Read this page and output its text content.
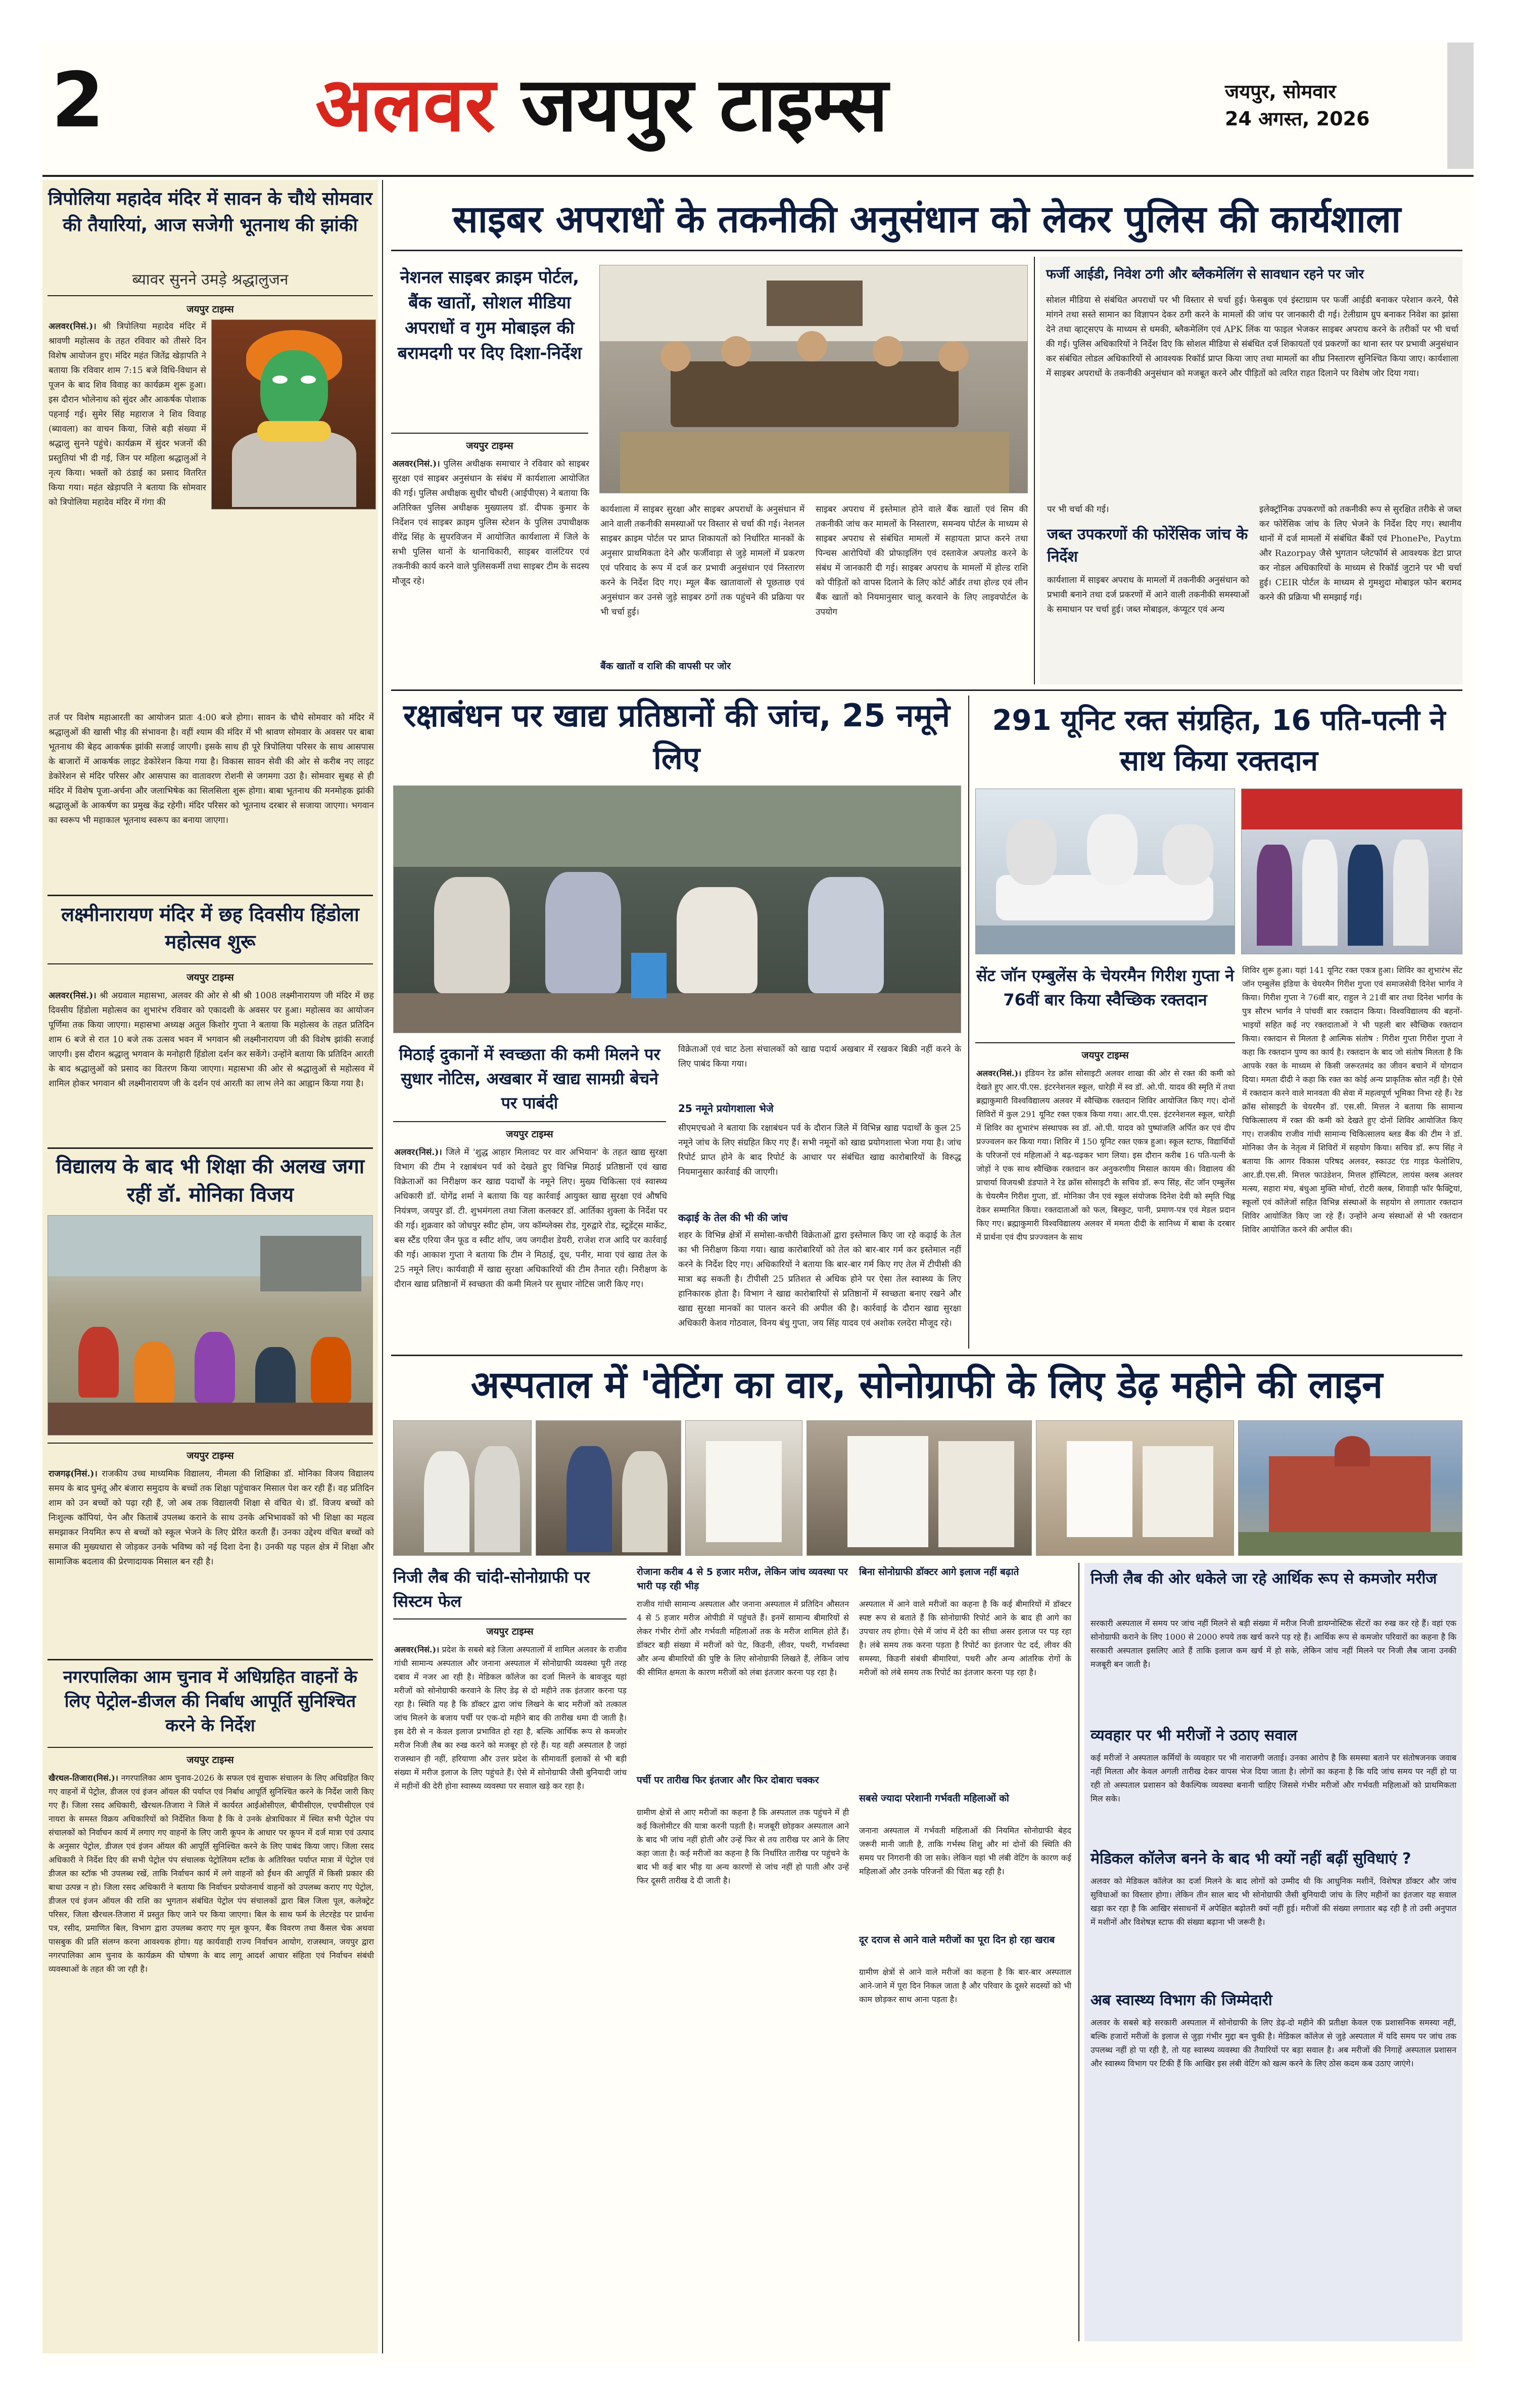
2	अलवर जयपुर टाइम्स	जयपुर, सोमवार
24 अगस्त, 2026
त्रिपोलिया महादेव मंदिर में सावन के चौथे सोमवार की तैयारियां, आज सजेगी भूतनाथ की झांकी
ब्यावर सुनने उमड़े श्रद्धालुजन
जयपुर टाइम्स
अलवर(निसं.)। श्री त्रिपोलिया महादेव मंदिर में श्रावणी महोत्सव के तहत रविवार को तीसरे दिन विशेष आयोजन हुए। मंदिर महंत जितेंद्र खेड़ापति ने बताया कि रविवार शाम 7:15 बजे विधि-विधान से पूजन के बाद शिव विवाह का कार्यक्रम शुरू हुआ। इस दौरान भोलेनाथ को सुंदर और आकर्षक पोशाक पहनाई गई। सुमेर सिंह महाराज ने शिव विवाह (ब्यावला) का वाचन किया, जिसे बड़ी संख्या में श्रद्धालु सुनने पहुंचे। कार्यक्रम में सुंदर भजनों की प्रस्तुतियां भी दी गई, जिन पर महिला श्रद्धालुओं ने नृत्य किया। भक्तों को ठंडाई का प्रसाद वितरित किया गया। महंत खेड़ापति ने बताया कि सोमवार को त्रिपोलिया महादेव मंदिर में गंगा की
तर्ज पर विशेष महाआरती का आयोजन प्रातः 4:00 बजे होगा। सावन के चौथे सोमवार को मंदिर में श्रद्धालुओं की खासी भीड़ की संभावना है। वहीं श्याम की मंदिर में भी श्रावण सोमवार के अवसर पर बाबा भूतनाथ की बेहद आकर्षक झांकी सजाई जाएगी। इसके साथ ही पूरे त्रिपोलिया परिसर के साथ आसपास के बाजारों में आकर्षक लाइट डेकोरेशन किया गया है। विकास सावन सेवी की ओर से करीब नए लाइट डेकोरेशन से मंदिर परिसर और आसपास का वातावरण रोशनी से जगमगा उठा है। सोमवार सुबह से ही मंदिर में विशेष पूजा-अर्चना और जलाभिषेक का सिलसिला शुरू होगा। बाबा भूतनाथ की मनमोहक झांकी श्रद्धालुओं के आकर्षण का प्रमुख केंद्र रहेगी। मंदिर परिसर को भूतनाथ दरबार से सजाया जाएगा। भगवान का स्वरूप भी महाकाल भूतनाथ स्वरूप का बनाया जाएगा।
लक्ष्मीनारायण मंदिर में छह दिवसीय हिंडोला महोत्सव शुरू
जयपुर टाइम्स
अलवर(निसं.)। श्री अग्रवाल महासभा, अलवर की ओर से श्री श्री 1008 लक्ष्मीनारायण जी मंदिर में छह दिवसीय हिंडोला महोत्सव का शुभारंभ रविवार को एकादशी के अवसर पर हुआ। महोत्सव का आयोजन पूर्णिमा तक किया जाएगा। महासभा अध्यक्ष अतुल किशोर गुप्ता ने बताया कि महोत्सव के तहत प्रतिदिन शाम 6 बजे से रात 10 बजे तक उत्सव भवन में भगवान श्री लक्ष्मीनारायण जी की विशेष झांकी सजाई जाएगी। इस दौरान श्रद्धालु भगवान के मनोहारी हिंडोला दर्शन कर सकेंगे। उन्होंने बताया कि प्रतिदिन आरती के बाद श्रद्धालुओं को प्रसाद का वितरण किया जाएगा। महासभा की ओर से श्रद्धालुओं से महोत्सव में शामिल होकर भगवान श्री लक्ष्मीनारायण जी के दर्शन एवं आरती का लाभ लेने का आह्वान किया गया है।
विद्यालय के बाद भी शिक्षा की अलख जगा रहीं डॉ. मोनिका विजय
जयपुर टाइम्स
राजगढ़(निसं.)। राजकीय उच्च माध्यमिक विद्यालय, नीमला की शिक्षिका डॉ. मोनिका विजय विद्यालय समय के बाद घुमंतू और बंजारा समुदाय के बच्चों तक शिक्षा पहुंचाकर मिसाल पेश कर रही हैं। वह प्रतिदिन शाम को उन बच्चों को पढ़ा रही हैं, जो अब तक विद्यालयी शिक्षा से वंचित थे। डॉ. विजय बच्चों को निःशुल्क कॉपियां, पेन और किताबें उपलब्ध कराने के साथ उनके अभिभावकों को भी शिक्षा का महत्व समझाकर नियमित रूप से बच्चों को स्कूल भेजने के लिए प्रेरित करती हैं। उनका उद्देश्य वंचित बच्चों को समाज की मुख्यधारा से जोड़कर उनके भविष्य को नई दिशा देना है। उनकी यह पहल क्षेत्र में शिक्षा और सामाजिक बदलाव की प्रेरणादायक मिसाल बन रही है।
नगरपालिका आम चुनाव में अधिग्रहित वाहनों के लिए पेट्रोल-डीजल की निर्बाध आपूर्ति सुनिश्चित करने के निर्देश
जयपुर टाइम्स
खैरथल-तिजारा(निसं.)। नगरपालिका आम चुनाव-2026 के सफल एवं सुचारू संचालन के लिए अधिग्रहित किए गए वाहनों में पेट्रोल, डीजल एवं इंजन ऑयल की पर्याप्त एवं निर्बाध आपूर्ति सुनिश्चित करने के निर्देश जारी किए गए हैं। जिला रसद अधिकारी, खैरथल-तिजारा ने जिले में कार्यरत आईओसीएल, बीपीसीएल, एचपीसीएल एवं नायरा के समस्त विक्रय अधिकारियों को निर्देशित किया है कि वे उनके क्षेत्राधिकार में स्थित सभी पेट्रोल पंप संचालकों को निर्वाचन कार्य में लगाए गए वाहनों के लिए जारी कूपन के आधार पर कूपन में दर्ज मात्रा एवं उत्पाद के अनुसार पेट्रोल, डीजल एवं इंजन ऑयल की आपूर्ति सुनिश्चित करने के लिए पाबंद किया जाए। जिला रसद अधिकारी ने निर्देश दिए की सभी पेट्रोल पंप संचालक पेट्रोलियम स्टॉक के अतिरिक्त पर्याप्त मात्रा में पेट्रोल एवं डीजल का स्टॉक भी उपलब्ध रखें, ताकि निर्वाचन कार्य में लगे वाहनों को ईंधन की आपूर्ति में किसी प्रकार की बाधा उत्पन्न न हो। जिला रसद अधिकारी ने बताया कि निर्वाचन प्रयोजनार्थ वाहनों को उपलब्ध कराए गए पेट्रोल, डीजल एवं इंजन ऑयल की राशि का भुगतान संबंधित पेट्रोल पंप संचालकों द्वारा बिल जिला पूल, कलेक्ट्रेट परिसर, जिला खैरथल-तिजारा में प्रस्तुत किए जाने पर किया जाएगा। बिल के साथ फर्म के लेटरहेड पर प्रार्थना पत्र, रसीद, प्रमाणित बिल, विभाग द्वारा उपलब्ध कराए गए मूल कूपन, बैंक विवरण तथा कैंसल चेक अथवा पासबुक की प्रति संलग्न करना आवश्यक होगा। यह कार्यवाही राज्य निर्वाचन आयोग, राजस्थान, जयपुर द्वारा नगरपालिका आम चुनाव के कार्यक्रम की घोषणा के बाद लागू आदर्श आचार संहिता एवं निर्वाचन संबंधी व्यवस्थाओं के तहत की जा रही है।
साइबर अपराधों के तकनीकी अनुसंधान को लेकर पुलिस की कार्यशाला
नेशनल साइबर क्राइम पोर्टल, बैंक खातों, सोशल मीडिया अपराधों व गुम मोबाइल की बरामदगी पर दिए दिशा-निर्देश
जयपुर टाइम्स
अलवर(निसं.)। पुलिस अधीक्षक समाचार ने रविवार को साइबर सुरक्षा एवं साइबर अनुसंधान के संबंध में कार्यशाला आयोजित की गई। पुलिस अधीक्षक सुधीर चौधरी (आईपीएस) ने बताया कि अतिरिक्त पुलिस अधीक्षक मुख्यालय डॉ. दीपक कुमार के निर्देशन एवं साइबर क्राइम पुलिस स्टेशन के पुलिस उपाधीक्षक वीरेंद्र सिंह के सुपरविजन में आयोजित कार्यशाला में जिले के सभी पुलिस थानों के थानाधिकारी, साइबर वालंटियर एवं तकनीकी कार्य करने वाले पुलिसकर्मी तथा साइबर टीम के सदस्य मौजूद रहे।
कार्यशाला में साइबर सुरक्षा और साइबर अपराधों के अनुसंधान में आने वाली तकनीकी समस्याओं पर विस्तार से चर्चा की गई। नेशनल साइबर क्राइम पोर्टल पर प्राप्त शिकायतों को निर्धारित मानकों के अनुसार प्राथमिकता देने और फर्जीवाड़ा से जुड़े मामलों में प्रकरण एवं परिवाद के रूप में दर्ज कर प्रभावी अनुसंधान एवं निस्तारण करने के निर्देश दिए गए। म्यूल बैंक खातावालों से पूछताछ एवं अनुसंधान कर उनसे जुड़े साइबर ठगों तक पहुंचने की प्रक्रिया पर भी चर्चा हुई।
बैंक खातों व राशि की वापसी पर जोर
साइबर अपराध में इस्तेमाल होने वाले बैंक खातों एवं सिम की तकनीकी जांच कर मामलों के निस्तारण, समन्वय पोर्टल के माध्यम से साइबर अपराध से संबंधित मामलों में सहायता प्राप्त करने तथा पिन्चस आरोपियों की प्रोफाइलिंग एवं दस्तावेज अपलोड करने के संबंध में जानकारी दी गई। साइबर अपराध के मामलों में होल्ड राशि को पीड़ितों को वापस दिलाने के लिए कोर्ट ऑर्डर तथा होल्ड एवं लीन बैंक खातों को नियमानुसार चालू करवाने के लिए लाइवपोर्टल के उपयोग
फर्जी आईडी, निवेश ठगी और ब्लैकमेलिंग से सावधान रहने पर जोर
सोशल मीडिया से संबंधित अपराधों पर भी विस्तार से चर्चा हुई। फेसबुक एवं इंस्टाग्राम पर फर्जी आईडी बनाकर परेशान करने, पैसे मांगने तथा सस्ते सामान का विज्ञापन देकर ठगी करने के मामलों की जांच पर जानकारी दी गई। टेलीग्राम ग्रुप बनाकर निवेश का झांसा देने तथा व्हाट्सएप के माध्यम से धमकी, ब्लैकमेलिंग एवं APK लिंक या फाइल भेजकर साइबर अपराध करने के तरीकों पर भी चर्चा की गई। पुलिस अधिकारियों ने निर्देश दिए कि सोशल मीडिया से संबंधित दर्ज शिकायतों एवं प्रकरणों का थाना स्तर पर प्रभावी अनुसंधान कर संबंधित लोडल अधिकारियों से आवश्यक रिकॉर्ड प्राप्त किया जाए तथा मामलों का शीघ्र निस्तारण सुनिश्चित किया जाए। कार्यशाला में साइबर अपराधों के तकनीकी अनुसंधान को मजबूत करने और पीड़ितों को त्वरित राहत दिलाने पर विशेष जोर दिया गया।
पर भी चर्चा की गई।
जब्त उपकरणों की फोरेंसिक जांच के निर्देश
कार्यशाला में साइबर अपराध के मामलों में तकनीकी अनुसंधान को प्रभावी बनाने तथा दर्ज प्रकरणों में आने वाली तकनीकी समस्याओं के समाधान पर चर्चा हुई। जब्त मोबाइल, कंप्यूटर एवं अन्य
इलेक्ट्रॉनिक उपकरणों को तकनीकी रूप से सुरक्षित तरीके से जब्त कर फोरेंसिक जांच के लिए भेजने के निर्देश दिए गए। स्थानीय थानों में दर्ज मामलों में संबंधित बैंकों एवं PhonePe, Paytm और Razorpay जैसे भुगतान प्लेटफॉर्म से आवश्यक डेटा प्राप्त कर नोडल अधिकारियों के माध्यम से रिकॉर्ड जुटाने पर भी चर्चा हुई। CEIR पोर्टल के माध्यम से गुमशुदा मोबाइल फोन बरामद करने की प्रक्रिया भी समझाई गई।
रक्षाबंधन पर खाद्य प्रतिष्ठानों की जांच, 25 नमूने लिए
मिठाई दुकानों में स्वच्छता की कमी मिलने पर सुधार नोटिस, अखबार में खाद्य सामग्री बेचने पर पाबंदी
जयपुर टाइम्स
अलवर(निसं.)। जिले में 'शुद्ध आहार मिलावट पर वार अभियान' के तहत खाद्य सुरक्षा विभाग की टीम ने रक्षाबंधन पर्व को देखते हुए विभिन्न मिठाई प्रतिष्ठानों एवं खाद्य विक्रेताओं का निरीक्षण कर खाद्य पदार्थों के नमूने लिए। मुख्य चिकित्सा एवं स्वास्थ्य अधिकारी डॉ. योगेंद्र शर्मा ने बताया कि यह कार्रवाई आयुक्त खाद्य सुरक्षा एवं औषधि नियंत्रण, जयपुर डॉ. टी. शुभमंगला तथा जिला कलक्टर डॉ. आर्तिका शुक्ला के निर्देश पर की गई। शुक्रवार को जोधपुर स्वीट होम, जय कॉम्प्लेक्स रोड, गुरुद्वारे रोड, स्टूडेंट्स मार्केट, बस स्टैंड एरिया जैन फूड व स्वीट शॉप, जय जगदीश डेयरी, राजेश राज आदि पर कार्रवाई की गई। आकाश गुप्ता ने बताया कि टीम ने मिठाई, दूध, पनीर, मावा एवं खाद्य तेल के 25 नमूने लिए। कार्यवाही में खाद्य सुरक्षा अधिकारियों की टीम तैनात रही। निरीक्षण के दौरान खाद्य प्रतिष्ठानों में स्वच्छता की कमी मिलने पर सुधार नोटिस जारी किए गए।
विक्रेताओं एवं चाट ठेला संचालकों को खाद्य पदार्थ अखबार में रखकर बिक्री नहीं करने के लिए पाबंद किया गया।
25 नमूने प्रयोगशाला भेजे
सीएमएचओ ने बताया कि रक्षाबंधन पर्व के दौरान जिले में विभिन्न खाद्य पदार्थों के कुल 25 नमूने जांच के लिए संग्रहित किए गए हैं। सभी नमूनों को खाद्य प्रयोगशाला भेजा गया है। जांच रिपोर्ट प्राप्त होने के बाद रिपोर्ट के आधार पर संबंधित खाद्य कारोबारियों के विरुद्ध नियमानुसार कार्रवाई की जाएगी।
कढ़ाई के तेल की भी की जांच
शहर के विभिन्न क्षेत्रों में समोसा-कचौरी विक्रेताओं द्वारा इस्तेमाल किए जा रहे कढ़ाई के तेल का भी निरीक्षण किया गया। खाद्य कारोबारियों को तेल को बार-बार गर्म कर इस्तेमाल नहीं करने के निर्देश दिए गए। अधिकारियों ने बताया कि बार-बार गर्म किए गए तेल में टीपीसी की मात्रा बढ़ सकती है। टीपीसी 25 प्रतिशत से अधिक होने पर ऐसा तेल स्वास्थ्य के लिए हानिकारक होता है। विभाग ने खाद्य कारोबारियों से प्रतिष्ठानों में स्वच्छता बनाए रखने और खाद्य सुरक्षा मानकों का पालन करने की अपील की है। कार्रवाई के दौरान खाद्य सुरक्षा अधिकारी केशव गोठवाल, विनय बंधु गुप्ता, जय सिंह यादव एवं अशोक रलदेरा मौजूद रहे।
291 यूनिट रक्त संग्रहित, 16 पति-पत्नी ने साथ किया रक्तदान
सेंट जॉन एम्बुलेंस के चेयरमैन गिरीश गुप्ता ने 76वीं बार किया स्वैच्छिक रक्तदान
जयपुर टाइम्स
अलवर(निसं.)। इंडियन रेड क्रॉस सोसाइटी अलवर शाखा की ओर से रक्त की कमी को देखते हुए आर.पी.एस. इंटरनेशनल स्कूल, धारेड़ी में स्व डॉ. ओ.पी. यादव की स्मृति में तथा ब्रह्माकुमारी विश्वविद्यालय अलवर में स्वैच्छिक रक्तदान शिविर आयोजित किए गए। दोनों शिविरों में कुल 291 यूनिट रक्त एकत्र किया गया। आर.पी.एस. इंटरनेशनल स्कूल, धारेड़ी में शिविर का शुभारंभ संस्थापक स्व डॉ. ओ.पी. यादव को पुष्पांजलि अर्पित कर एवं दीप प्रज्ज्वलन कर किया गया। शिविर में 150 यूनिट रक्त एकत्र हुआ। स्कूल स्टाफ, विद्यार्थियों के परिजनों एवं महिलाओं ने बढ़-चढ़कर भाग लिया। इस दौरान करीब 16 पति-पत्नी के जोड़ों ने एक साथ स्वैच्छिक रक्तदान कर अनुकरणीय मिसाल कायम की। विद्यालय की प्राचार्या विजयश्री डंडपाते ने रेड क्रॉस सोसाइटी के सचिव डॉ. रूप सिंह, सेंट जॉन एम्बुलेंस के चेयरमैन गिरीश गुप्ता, डॉ. मोनिका जैन एवं स्कूल संयोजक दिनेश देवी को स्मृति चिह्न देकर सम्मानित किया। रक्तदाताओं को फल, बिस्कुट, पानी, प्रमाण-पत्र एवं मेडल प्रदान किए गए। ब्रह्माकुमारी विश्वविद्यालय अलवर में ममता दीदी के सानिध्य में बाबा के दरबार में प्रार्थना एवं दीप प्रज्ज्वलन के साथ
शिविर शुरू हुआ। यहां 141 यूनिट रक्त एकत्र हुआ। शिविर का शुभारंभ सेंट जॉन एम्बुलेंस इंडिया के चेयरमैन गिरीश गुप्ता एवं समाजसेवी दिनेश भार्गव ने किया। गिरीश गुप्ता ने 76वीं बार, राहुल ने 21वीं बार तथा दिनेश भार्गव के पुत्र सौरभ भार्गव ने पांचवीं बार रक्तदान किया। विश्वविद्यालय की बहनों-भाइयों सहित कई नए रक्तदाताओं ने भी पहली बार स्वैच्छिक रक्तदान किया। रक्तदान से मिलता है आत्मिक संतोष : गिरीश गुप्ता गिरीश गुप्ता ने कहा कि रक्तदान पुण्य का कार्य है। रक्तदान के बाद जो संतोष मिलता है कि आपके रक्त के माध्यम से किसी जरूरतमंद का जीवन बचाने में योगदान दिया। ममता दीदी ने कहा कि रक्त का कोई अन्य प्राकृतिक स्रोत नहीं है। ऐसे में रक्तदान करने वाले मानवता की सेवा में महत्वपूर्ण भूमिका निभा रहे हैं। रेड क्रॉस सोसाइटी के चेयरमैन डॉ. एस.सी. मित्तल ने बताया कि सामान्य चिकित्सालय में रक्त की कमी को देखते हुए दोनों शिविर आयोजित किए गए। राजकीय राजीव गांधी सामान्य चिकित्सालय ब्लड बैंक की टीम ने डॉ. मोनिका जैन के नेतृत्व में शिविरों में सहयोग किया। सचिव डॉ. रूप सिंह ने बताया कि आगर विकास परिषद अलवर, स्काउट एंड गाइड फेलोशिप, आर.डी.एस.सी. मित्तल फाउंडेशन, मित्तल हॉस्पिटल, लायंस क्लब अलवर मत्स्य, सहारा मंच, बंधुआ मुक्ति मोर्चा, रोटरी क्लब, शिवाड़ी फॉर फैक्ट्रियां, स्कूलों एवं कॉलेजों सहित विभिन्न संस्थाओं के सहयोग से लगातार रक्तदान शिविर आयोजित किए जा रहे हैं। उन्होंने अन्य संस्थाओं से भी रक्तदान शिविर आयोजित करने की अपील की।
अस्पताल में 'वेटिंग का वार, सोनोग्राफी के लिए डेढ़ महीने की लाइन
निजी लैब की चांदी-सोनोग्राफी पर सिस्टम फेल
जयपुर टाइम्स
अलवर(निसं.)। प्रदेश के सबसे बड़े जिला अस्पतालों में शामिल अलवर के राजीव गांधी सामान्य अस्पताल और जनाना अस्पताल में सोनोग्राफी व्यवस्था पूरी तरह दबाव में नजर आ रही है। मेडिकल कॉलेज का दर्जा मिलने के बावजूद यहां मरीजों को सोनोग्राफी करवाने के लिए डेढ़ से दो महीने तक इंतजार करना पड़ रहा है। स्थिति यह है कि डॉक्टर द्वारा जांच लिखने के बाद मरीजों को तत्काल जांच मिलने के बजाय पर्ची पर एक-दो महीने बाद की तारीख थमा दी जाती है। इस देरी से न केवल इलाज प्रभावित हो रहा है, बल्कि आर्थिक रूप से कमजोर मरीज निजी लैब का रुख करने को मजबूर हो रहे हैं। यह वही अस्पताल है जहां राजस्थान ही नहीं, हरियाणा और उत्तर प्रदेश के सीमावर्ती इलाकों से भी बड़ी संख्या में मरीज इलाज के लिए पहुंचते हैं। ऐसे में सोनोग्राफी जैसी बुनियादी जांच में महीनों की देरी होना स्वास्थ्य व्यवस्था पर सवाल खड़े कर रहा है।
रोजाना करीब 4 से 5 हजार मरीज, लेकिन जांच व्यवस्था पर भारी पड़ रही भीड़
राजीव गांधी सामान्य अस्पताल और जनाना अस्पताल में प्रतिदिन औसतन 4 से 5 हजार मरीज ओपीडी में पहुंचते हैं। इनमें सामान्य बीमारियों से लेकर गंभीर रोगों और गर्भवती महिलाओं तक के मरीज शामिल होते हैं। डॉक्टर बड़ी संख्या में मरीजों को पेट, किडनी, लीवर, पथरी, गर्भावस्था और अन्य बीमारियों की पुष्टि के लिए सोनोग्राफी लिखते हैं, लेकिन जांच की सीमित क्षमता के कारण मरीजों को लंबा इंतजार करना पड़ रहा है।
पर्ची पर तारीख फिर इंतजार और फिर दोबारा चक्कर
ग्रामीण क्षेत्रों से आए मरीजों का कहना है कि अस्पताल तक पहुंचने में ही कई किलोमीटर की यात्रा करनी पड़ती है। मजबूरी छोड़कर अस्पताल आने के बाद भी जांच नहीं होती और उन्हें फिर से तय तारीख पर आने के लिए कहा जाता है। कई मरीजों का कहना है कि निर्धारित तारीख पर पहुंचने के बाद भी कई बार भीड़ या अन्य कारणों से जांच नहीं हो पाती और उन्हें फिर दूसरी तारीख दे दी जाती है।
बिना सोनोग्राफी डॉक्टर आगे इलाज नहीं बढ़ाते
अस्पताल में आने वाले मरीजों का कहना है कि कई बीमारियों में डॉक्टर स्पष्ट रूप से बताते हैं कि सोनोग्राफी रिपोर्ट आने के बाद ही आगे का उपचार तय होगा। ऐसे में जांच में देरी का सीधा असर इलाज पर पड़ रहा है। लंबे समय तक करना पड़ता है रिपोर्ट का इंतजार पेट दर्द, लीवर की समस्या, किडनी संबंधी बीमारियां, पथरी और अन्य आंतरिक रोगों के मरीजों को लंबे समय तक रिपोर्ट का इंतजार करना पड़ रहा है।
सबसे ज्यादा परेशानी गर्भवती महिलाओं को
जनाना अस्पताल में गर्भवती महिलाओं की नियमित सोनोग्राफी बेहद जरूरी मानी जाती है, ताकि गर्भस्थ शिशु और मां दोनों की स्थिति की समय पर निगरानी की जा सके। लेकिन यहां भी लंबी वेटिंग के कारण कई महिलाओं और उनके परिजनों की चिंता बढ़ रही है।
दूर दराज से आने वाले मरीजों का पूरा दिन हो रहा खराब
ग्रामीण क्षेत्रों से आने वाले मरीजों का कहना है कि बार-बार अस्पताल आने-जाने में पूरा दिन निकल जाता है और परिवार के दूसरे सदस्यों को भी काम छोड़कर साथ आना पड़ता है।
निजी लैब की ओर धकेले जा रहे आर्थिक रूप से कमजोर मरीज
सरकारी अस्पताल में समय पर जांच नहीं मिलने से बड़ी संख्या में मरीज निजी डायग्नोस्टिक सेंटरों का रुख कर रहे हैं। वहां एक सोनोग्राफी कराने के लिए 1000 से 2000 रुपये तक खर्च करने पड़ रहे हैं। आर्थिक रूप से कमजोर परिवारों का कहना है कि सरकारी अस्पताल इसलिए आते हैं ताकि इलाज कम खर्च में हो सके, लेकिन जांच नहीं मिलने पर निजी लैब जाना उनकी मजबूरी बन जाती है।
व्यवहार पर भी मरीजों ने उठाए सवाल
कई मरीजों ने अस्पताल कर्मियों के व्यवहार पर भी नाराजगी जताई। उनका आरोप है कि समस्या बताने पर संतोषजनक जवाब नहीं मिलता और केवल अगली तारीख देकर वापस भेज दिया जाता है। लोगों का कहना है कि यदि जांच समय पर नहीं हो पा रही तो अस्पताल प्रशासन को वैकल्पिक व्यवस्था बनानी चाहिए जिससे गंभीर मरीजों और गर्भवती महिलाओं को प्राथमिकता मिल सके।
मेडिकल कॉलेज बनने के बाद भी क्यों नहीं बढ़ीं सुविधाएं ?
अलवर को मेडिकल कॉलेज का दर्जा मिलने के बाद लोगों को उम्मीद थी कि आधुनिक मशीनें, विशेषज्ञ डॉक्टर और जांच सुविधाओं का विस्तार होगा। लेकिन तीन साल बाद भी सोनोग्राफी जैसी बुनियादी जांच के लिए महीनों का इंतजार यह सवाल खड़ा कर रहा है कि आखिर संसाधनों में अपेक्षित बढ़ोतरी क्यों नहीं हुई। मरीजों की संख्या लगातार बढ़ रही है तो उसी अनुपात में मशीनों और विशेषज्ञ स्टाफ की संख्या बढ़ाना भी जरूरी है।
अब स्वास्थ्य विभाग की जिम्मेदारी
अलवर के सबसे बड़े सरकारी अस्पताल में सोनोग्राफी के लिए डेढ़-दो महीने की प्रतीक्षा केवल एक प्रशासनिक समस्या नहीं, बल्कि हजारों मरीजों के इलाज से जुड़ा गंभीर मुद्दा बन चुकी है। मेडिकल कॉलेज से जुड़े अस्पताल में यदि समय पर जांच तक उपलब्ध नहीं हो पा रही है, तो यह स्वास्थ्य व्यवस्था की तैयारियों पर बड़ा सवाल है। अब मरीजों की निगाहें अस्पताल प्रशासन और स्वास्थ्य विभाग पर टिकी हैं कि आखिर इस लंबी वेटिंग को खत्म करने के लिए ठोस कदम कब उठाए जाएंगे।
